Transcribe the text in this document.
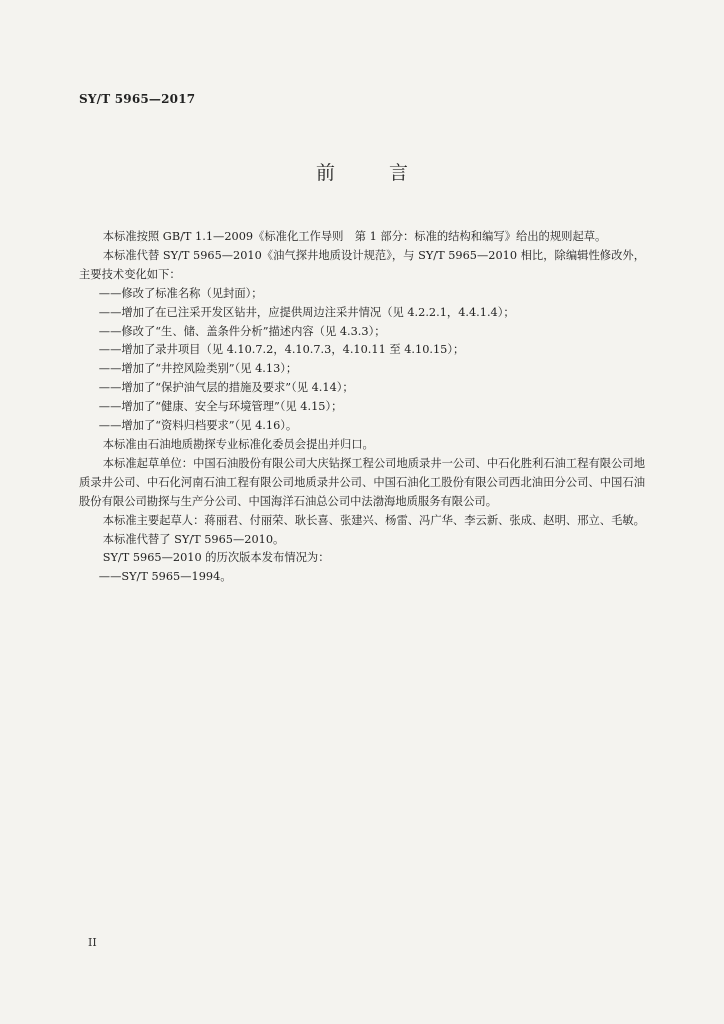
SY/T 5965—2017
前 言

本标准按照 GB/T 1.1—2009《标准化工作导则　第 1 部分：标准的结构和编写》给出的规则起草。

本标准代替 SY/T 5965—2010《油气探井地质设计规范》，与 SY/T 5965—2010 相比，除编辑性修改外，主要技术变化如下：

——修改了标准名称（见封面）；

——增加了在已注采开发区钻井，应提供周边注采井情况（见 4.2.2.1，4.4.1.4）；

——修改了“生、储、盖条件分析”描述内容（见 4.3.3）；

——增加了录井项目（见 4.10.7.2，4.10.7.3，4.10.11 至 4.10.15）；

——增加了“井控风险类别”（见 4.13）；

——增加了“保护油气层的措施及要求”（见 4.14）；

——增加了“健康、安全与环境管理”（见 4.15）；

——增加了“资料归档要求”（见 4.16）。

本标准由石油地质勘探专业标准化委员会提出并归口。

本标准起草单位：中国石油股份有限公司大庆钻探工程公司地质录井一公司、中石化胜利石油工程有限公司地质录井公司、中石化河南石油工程有限公司地质录井公司、中国石油化工股份有限公司西北油田分公司、中国石油股份有限公司勘探与生产分公司、中国海洋石油总公司中法渤海地质服务有限公司。

本标准主要起草人：蒋丽君、付丽荣、耿长喜、张建兴、杨雷、冯广华、李云新、张成、赵明、邢立、毛敏。

本标准代替了 SY/T 5965—2010。

SY/T 5965—2010 的历次版本发布情况为：

——SY/T 5965—1994。

II
